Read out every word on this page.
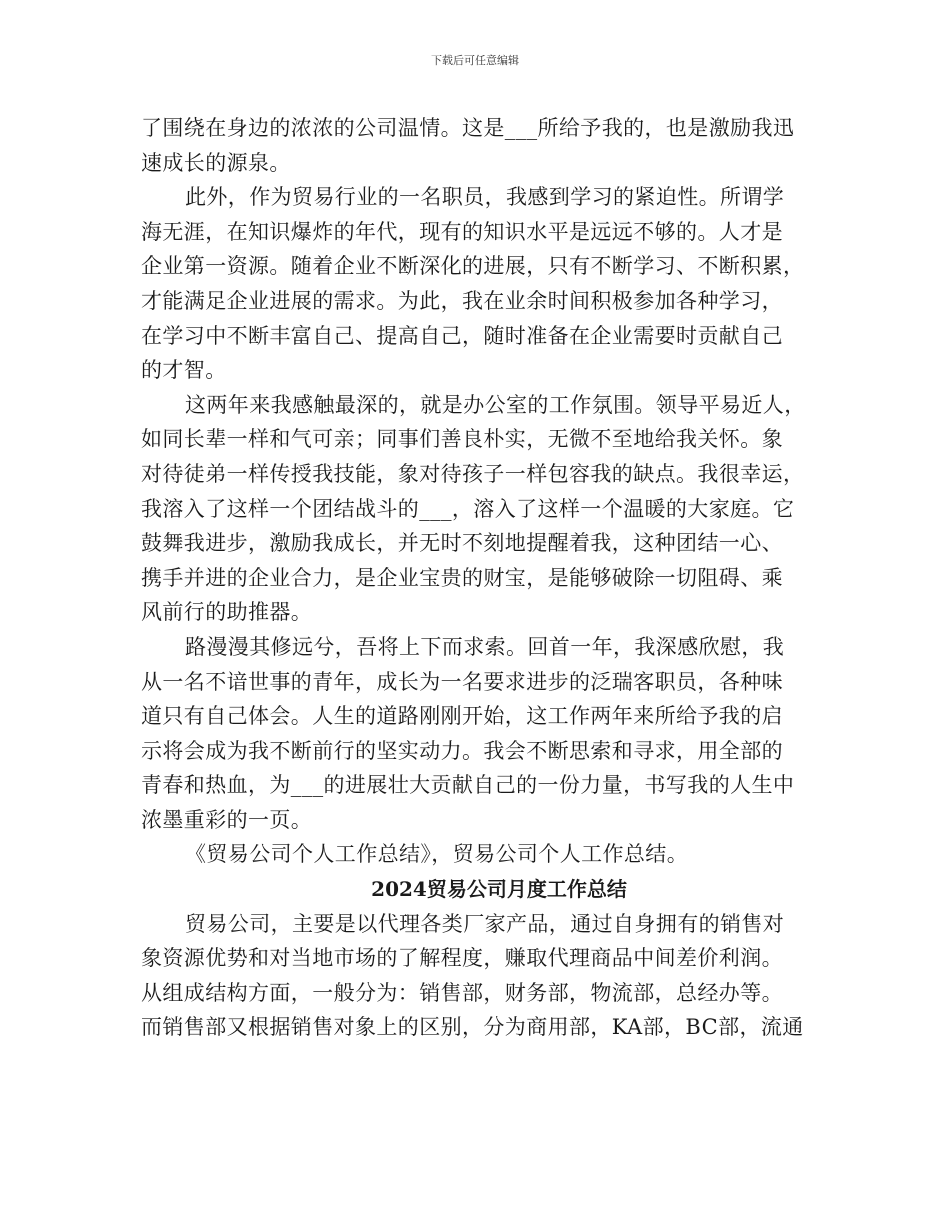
下载后可任意编辑
了围绕在身边的浓浓的公司温情。这是___所给予我的，也是激励我迅
速成长的源泉。
此外，作为贸易行业的一名职员，我感到学习的紧迫性。所谓学
海无涯，在知识爆炸的年代，现有的知识水平是远远不够的。人才是
企业第一资源。随着企业不断深化的进展，只有不断学习、不断积累，
才能满足企业进展的需求。为此，我在业余时间积极参加各种学习，
在学习中不断丰富自己、提高自己，随时准备在企业需要时贡献自己
的才智。
这两年来我感触最深的，就是办公室的工作氛围。领导平易近人，
如同长辈一样和气可亲；同事们善良朴实，无微不至地给我关怀。象
对待徒弟一样传授我技能，象对待孩子一样包容我的缺点。我很幸运，
我溶入了这样一个团结战斗的___，溶入了这样一个温暖的大家庭。它
鼓舞我进步，激励我成长，并无时不刻地提醒着我，这种团结一心、
携手并进的企业合力，是企业宝贵的财宝，是能够破除一切阻碍、乘
风前行的助推器。
路漫漫其修远兮，吾将上下而求索。回首一年，我深感欣慰，我
从一名不谙世事的青年，成长为一名要求进步的泛瑞客职员，各种味
道只有自己体会。人生的道路刚刚开始，这工作两年来所给予我的启
示将会成为我不断前行的坚实动力。我会不断思索和寻求，用全部的
青春和热血，为___的进展壮大贡献自己的一份力量，书写我的人生中
浓墨重彩的一页。
《贸易公司个人工作总结》，贸易公司个人工作总结。
2024贸易公司月度工作总结
贸易公司，主要是以代理各类厂家产品，通过自身拥有的销售对
象资源优势和对当地市场的了解程度，赚取代理商品中间差价利润。
从组成结构方面，一般分为：销售部，财务部，物流部，总经办等。
而销售部又根据销售对象上的区别，分为商用部，KA部，BC部，流通
